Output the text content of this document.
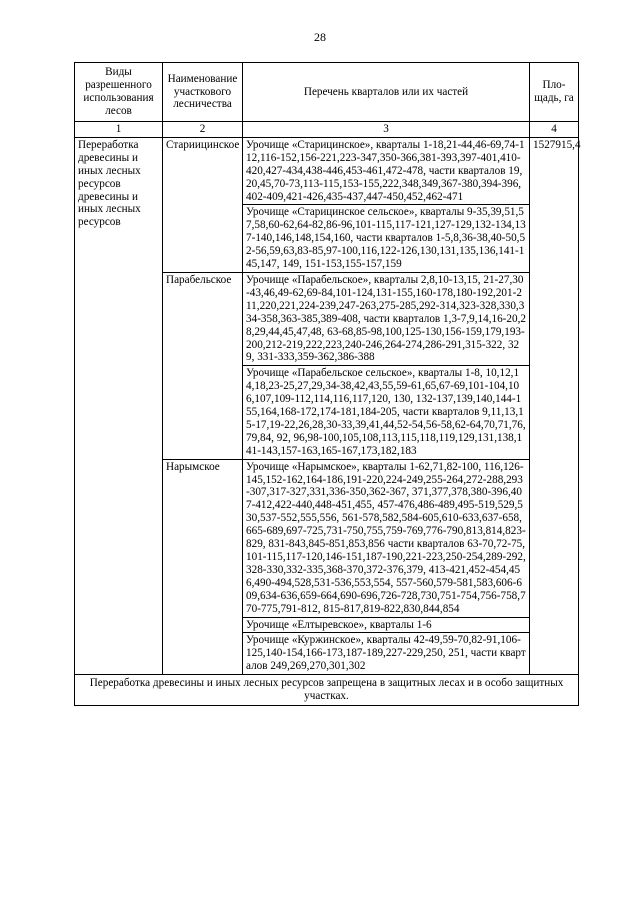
28
Виды разрешенного использования лесов	Наименование участкового лесничества	Перечень кварталов или их частей	Пло-щадь, га
1	2	3	4
Переработка древесины и иных лесных ресурсов древесины и иных лесных ресурсов	Стариицинское	Урочище «Старицинское», кварталы 1-18,21-44,46-69,74-112,116-152,156-221,223-347,350-366,381-393,397-401,410-420,427-434,438-446,453-461,472-478, части кварталов 19,20,45,70-73,113-115,153-155,222,348,349,367-380,394-396,402-409,421-426,435-437,447-450,452,462-471	1527915,4
		Урочище «Старицинское сельское», кварталы 9-35,39,51,57,58,60-62,64-82,86-96,101-115,117-121,127-129,132-134,137-140,146,148,154,160, части кварталов 1-5,8,36-38,40-50,52-56,59,63,83-85,97-100,116,122-126,130,131,135,136,141-145,147, 149, 151-153,155-157,159	
	Парабельское	Урочище «Парабельское», кварталы 2,8,10-13,15, 21-27,30-43,46,49-62,69-84,101-124,131-155,160-178,180-192,201-211,220,221,224-239,247-263,275-285,292-314,323-328,330,334-358,363-385,389-408, части кварталов 1,3-7,9,14,16-20,28,29,44,45,47,48, 63-68,85-98,100,125-130,156-159,179,193-200,212-219,222,223,240-246,264-274,286-291,315-322, 329, 331-333,359-362,386-388	
		Урочище «Парабельское сельское», кварталы 1-8, 10,12,14,18,23-25,27,29,34-38,42,43,55,59-61,65,67-69,101-104,106,107,109-112,114,116,117,120, 130, 132-137,139,140,144-155,164,168-172,174-181,184-205, части кварталов 9,11,13,15-17,19-22,26,28,30-33,39,41,44,52-54,56-58,62-64,70,71,76,79,84, 92, 96,98-100,105,108,113,115,118,119,129,131,138,141-143,157-163,165-167,173,182,183	
	Нарымское	Урочище «Нарымское», кварталы 1-62,71,82-100, 116,126-145,152-162,164-186,191-220,224-249,255-264,272-288,293-307,317-327,331,336-350,362-367, 371,377,378,380-396,407-412,422-440,448-451,455, 457-476,486-489,495-519,529,530,537-552,555,556, 561-578,582,584-605,610-633,637-658,665-689,697-725,731-750,755,759-769,776-790,813,814,823-829, 831-843,845-851,853,856 части кварталов 63-70,72-75,101-115,117-120,146-151,187-190,221-223,250-254,289-292,328-330,332-335,368-370,372-376,379, 413-421,452-454,456,490-494,528,531-536,553,554, 557-560,579-581,583,606-609,634-636,659-664,690-696,726-728,730,751-754,756-758,770-775,791-812, 815-817,819-822,830,844,854	
		Урочище «Елтыревское», кварталы 1-6	
		Урочище «Куржинское», кварталы 42-49,59-70,82-91,106-125,140-154,166-173,187-189,227-229,250, 251, части кварталов 249,269,270,301,302	
Переработка древесины и иных лесных ресурсов запрещена в защитных лесах и в особо защитных участках.			
